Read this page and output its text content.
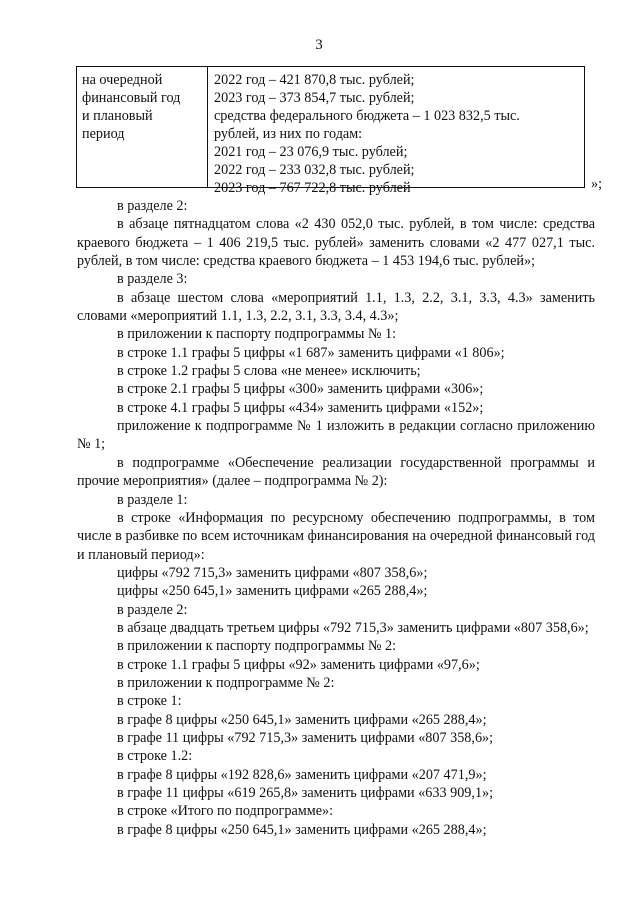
3
на очередной
финансовый год
и плановый
период
2022 год – 421 870,8 тыс. рублей;
2023 год – 373 854,7 тыс. рублей;
средства федерального бюджета – 1 023 832,5 тыс.
рублей, из них по годам:
2021 год – 23 076,9 тыс. рублей;
2022 год – 233 032,8 тыс. рублей;
2023 год – 767 722,8 тыс. рублей	»;

в разделе 2:

в абзаце пятнадцатом слова «2 430 052,0 тыс. рублей, в том числе: средства краевого бюджета – 1 406 219,5 тыс. рублей» заменить словами «2 477 027,1 тыс. рублей, в том числе: средства краевого бюджета – 1 453 194,6 тыс. рублей»;

в разделе 3:

в абзаце шестом слова «мероприятий 1.1, 1.3, 2.2, 3.1, 3.3, 4.3» заменить словами «мероприятий 1.1, 1.3, 2.2, 3.1, 3.3, 3.4, 4.3»;

в приложении к паспорту подпрограммы № 1:

в строке 1.1 графы 5 цифры «1 687» заменить цифрами «1 806»;

в строке 1.2 графы 5 слова «не менее» исключить;

в строке 2.1 графы 5 цифры «300» заменить цифрами «306»;

в строке 4.1 графы 5 цифры «434» заменить цифрами «152»;

приложение к подпрограмме № 1 изложить в редакции согласно приложению № 1;

в подпрограмме «Обеспечение реализации государственной программы и прочие мероприятия» (далее – подпрограмма № 2):

в разделе 1:

в строке «Информация по ресурсному обеспечению подпрограммы, в том числе в разбивке по всем источникам финансирования на очередной финансовый год и плановый период»:

цифры «792 715,3» заменить цифрами «807 358,6»;

цифры «250 645,1» заменить цифрами «265 288,4»;

в разделе 2:

в абзаце двадцать третьем цифры «792 715,3» заменить цифрами «807 358,6»;

в приложении к паспорту подпрограммы № 2:

в строке 1.1 графы 5 цифры «92» заменить цифрами «97,6»;

в приложении к подпрограмме № 2:

в строке 1:

в графе 8 цифры «250 645,1» заменить цифрами «265 288,4»;

в графе 11 цифры «792 715,3» заменить цифрами «807 358,6»;

в строке 1.2:

в графе 8 цифры «192 828,6» заменить цифрами «207 471,9»;

в графе 11 цифры «619 265,8» заменить цифрами «633 909,1»;

в строке «Итого по подпрограмме»:

в графе 8 цифры «250 645,1» заменить цифрами «265 288,4»;
